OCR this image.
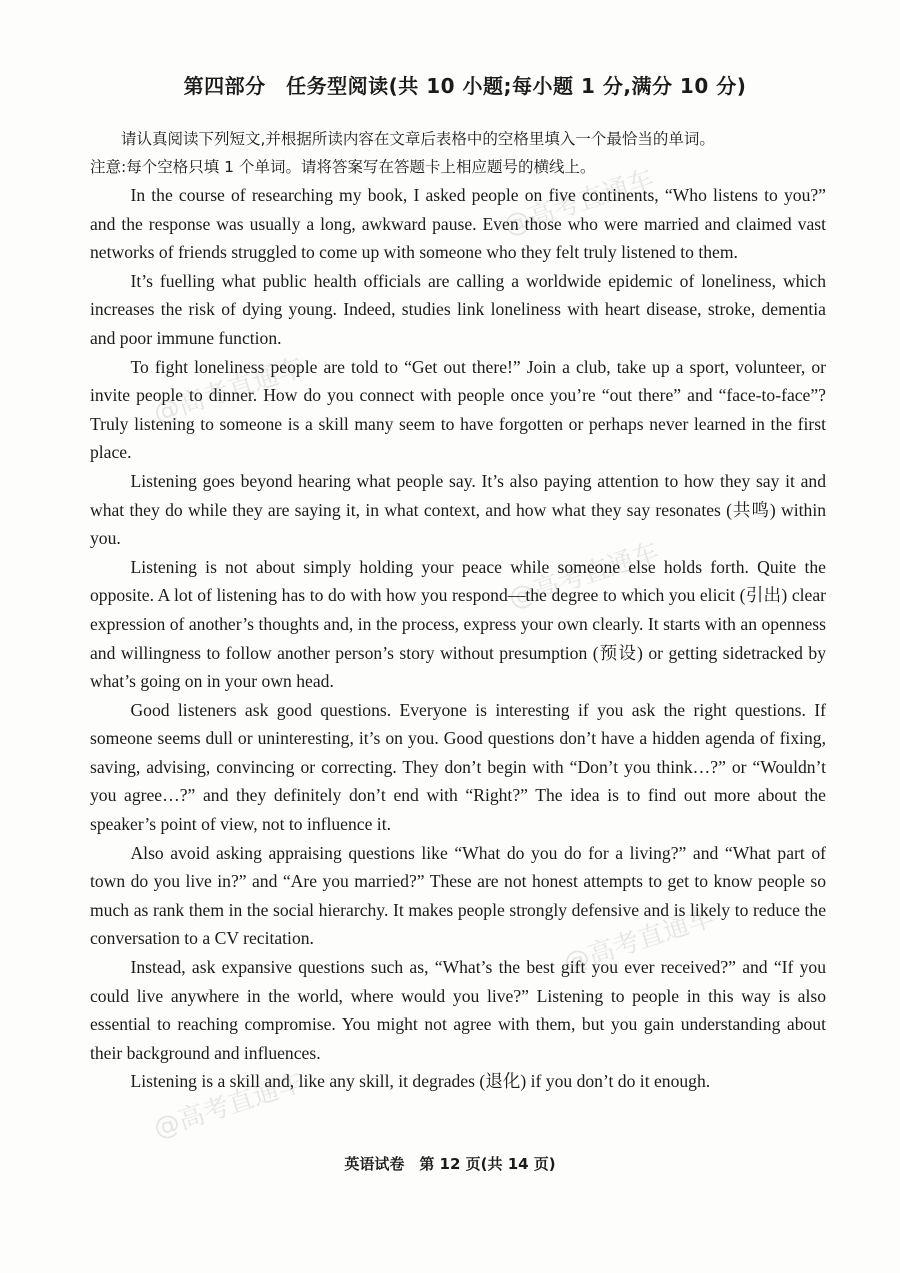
@高考直通车
@高考直通车
@高考直通车
@高考直通车
@高考直通车
第四部分　任务型阅读(共 10 小题;每小题 1 分,满分 10 分)
请认真阅读下列短文,并根据所读内容在文章后表格中的空格里填入一个最恰当的单词。
注意:每个空格只填 1 个单词。请将答案写在答题卡上相应题号的横线上。

In the course of researching my book, I asked people on five continents, “Who listens to you?” and the response was usually a long, awkward pause. Even those who were married and claimed vast networks of friends struggled to come up with someone who they felt truly listened to them.

It’s fuelling what public health officials are calling a worldwide epidemic of loneliness, which increases the risk of dying young. Indeed, studies link loneliness with heart disease, stroke, dementia and poor immune function.

To fight loneliness people are told to “Get out there!” Join a club, take up a sport, volunteer, or invite people to dinner. How do you connect with people once you’re “out there” and “face-to-face”? Truly listening to someone is a skill many seem to have forgotten or perhaps never learned in the first place.

Listening goes beyond hearing what people say. It’s also paying attention to how they say it and what they do while they are saying it, in what context, and how what they say resonates (共鸣) within you.

Listening is not about simply holding your peace while someone else holds forth. Quite the opposite. A lot of listening has to do with how you respond—the degree to which you elicit (引出) clear expression of another’s thoughts and, in the process, express your own clearly. It starts with an openness and willingness to follow another person’s story without presumption (预设) or getting sidetracked by what’s going on in your own head.

Good listeners ask good questions. Everyone is interesting if you ask the right questions. If someone seems dull or uninteresting, it’s on you. Good questions don’t have a hidden agenda of fixing, saving, advising, convincing or correcting. They don’t begin with “Don’t you think…?” or “Wouldn’t you agree…?” and they definitely don’t end with “Right?” The idea is to find out more about the speaker’s point of view, not to influence it.

Also avoid asking appraising questions like “What do you do for a living?” and “What part of town do you live in?” and “Are you married?” These are not honest attempts to get to know people so much as rank them in the social hierarchy. It makes people strongly defensive and is likely to reduce the conversation to a CV recitation.

Instead, ask expansive questions such as, “What’s the best gift you ever received?” and “If you could live anywhere in the world, where would you live?” Listening to people in this way is also essential to reaching compromise. You might not agree with them, but you gain understanding about their background and influences.

Listening is a skill and, like any skill, it degrades (退化) if you don’t do it enough.

英语试卷　第 12 页(共 14 页)
